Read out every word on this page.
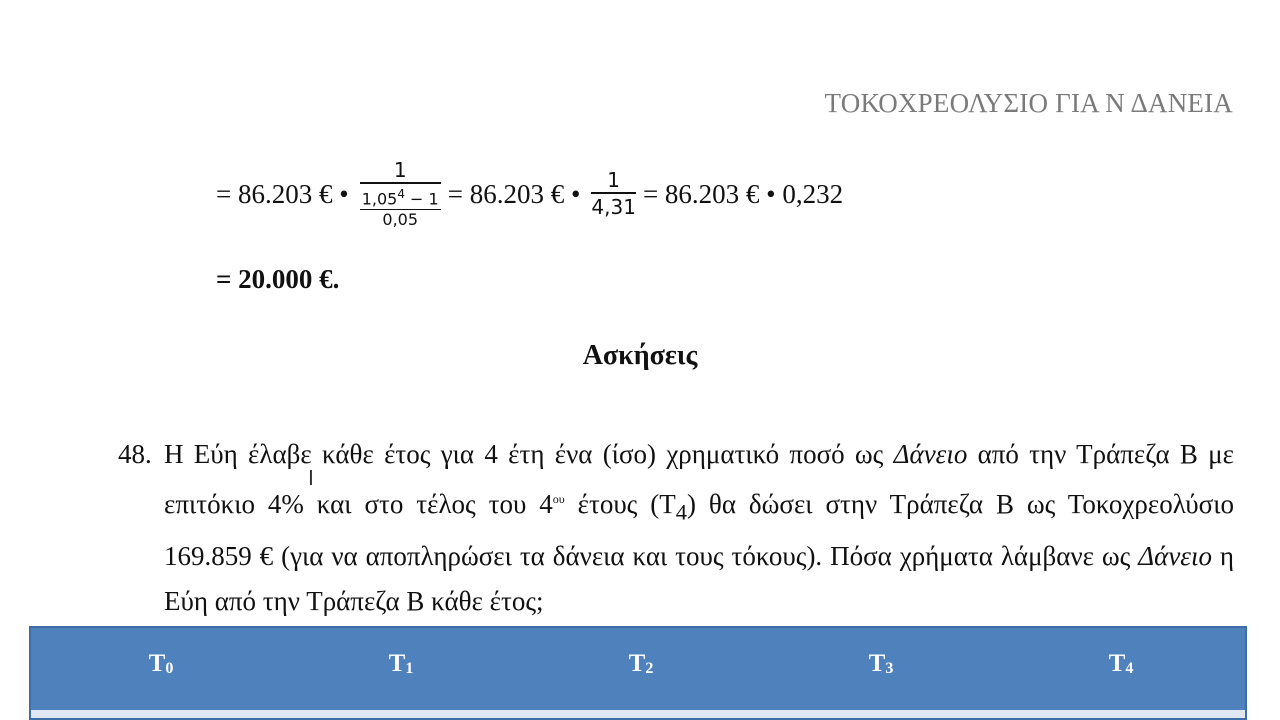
ΤΟΚΟΧΡΕΟΛΥΣΙΟ ΓΙΑ Ν ΔΑΝΕΙΑ
= 86.203 € • $\frac{1}{\frac{1,05^4 - 1}{0,05}} = 86.203$ € • $\frac{1}{4,31} = 86.203$ € • 0,232
= 20.000 €.
Ασκήσεις
48. Η Εύη έλαβε κάθε έτος για 4 έτη ένα (ίσο) χρηματικό ποσό ως Δάνειο από την Τράπεζα Β με επιτόκιο 4% και στο τέλος του $4^{o\upsilon}$ έτους $(T_4)$ θα δώσει στην Τράπεζα Β ως Τοκοχρεολύσιο 169.859 € (για να αποπληρώσει τα δάνεια και τους τόκους). Πόσα χρήματα λάμβανε ως Δάνειο η Εύη από την Τράπεζα Β κάθε έτος;
I
$T_0$	$T_1$	$T_2$	$T_3$	$T_4$
